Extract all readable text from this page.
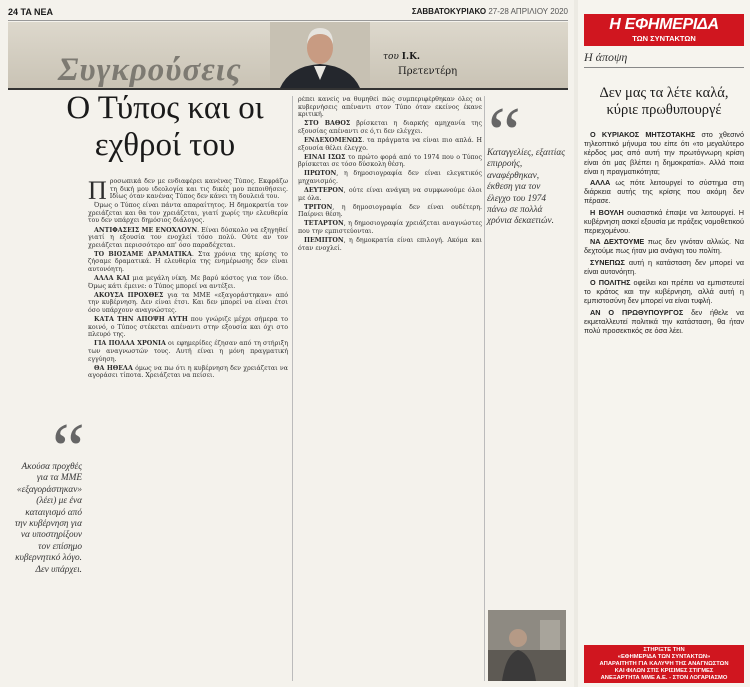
24 TA NEA	ΣΑΒΒΑΤΟΚΥΡΙΑΚΟ 27-28 ΑΠΡΙΛΙΟΥ 2020
Συγκρούσεις	του Ι.Κ.
Πρετεντέρη
Ο Τύπος και οι εχθροί του

Προσωπικά δεν με ενδιαφέρει κανένας Τύπος. Εκφράζω τη δική μου ιδεολογία και τις δικές μου πεποιθήσεις. Ιδίως όταν κανένας Τύπος δεν κάνει τη δουλειά του.

Όμως ο Τύπος είναι πάντα απαραίτητος. Η δημοκρατία τον χρειάζεται και θα τον χρειάζεται, γιατί χωρίς την ελευθερία του δεν υπάρχει δημόσιος διάλογος.

ΑΝΤΙΦΑΣΕΙΣ ΜΕ ΕΝΟΧΛΟΥΝ. Είναι δύσκολο να εξηγηθεί γιατί η εξουσία τον ενοχλεί τόσο πολύ. Ούτε αν τον χρειάζεται περισσότερο απ' όσο παραδέχεται.

ΤΟ ΒΙΟΣΑΜΕ ΔΡΑΜΑΤΙΚΑ. Στα χρόνια της κρίσης το ζήσαμε δραματικά. Η ελευθερία της ενημέρωσης δεν είναι αυτονόητη.

ΑΛΛΑ ΚΑΙ μια μεγάλη νίκη. Με βαρύ κόστος για τον ίδιο. Όμως κάτι έμεινε: ο Τύπος μπορεί να αντέξει.

ΑΚΟΥΣΑ ΠΡΟΧΘΕΣ για τα ΜΜΕ «εξαγοράστηκαν» από την κυβέρνηση. Δεν είναι έτσι. Και δεν μπορεί να είναι έτσι όσο υπάρχουν αναγνώστες.

ΚΑΤΑ ΤΗΝ ΑΠΟΨΗ ΑΥΤΗ που γνώριζε μέχρι σήμερα το κοινό, ο Τύπος στέκεται απέναντι στην εξουσία και όχι στο πλευρό της.

ΓΙΑ ΠΟΛΛΑ ΧΡΟΝΙΑ οι εφημερίδες έζησαν από τη στήριξη των αναγνωστών τους. Αυτή είναι η μόνη πραγματική εγγύηση.

ΘΑ ΗΘΕΛΑ όμως να πω ότι η κυβέρνηση δεν χρειάζεται να αγοράσει τίποτα. Χρειάζεται να πείσει.

ρέπει κανείς να θυμηθεί πώς συμπεριφέρθηκαν όλες οι κυβερνήσεις απέναντι στον Τύπο όταν εκείνος έκανε κριτική.

ΣΤΟ ΒΑΘΟΣ βρίσκεται η διαρκής αμηχανία της εξουσίας απέναντι σε ό,τι δεν ελέγχει.

ΕΝΔΕΧΟΜΕΝΩΣ. τα πράγματα να είναι πιο απλά. Η εξουσία θέλει έλεγχο.

ΕΙΝΑΙ ΙΣΩΣ το πρώτο φορά από το 1974 που ο Τύπος βρίσκεται σε τόσο δύσκολη θέση.

ΠΡΩΤΟΝ, η δημοσιογραφία δεν είναι ελεγκτικός μηχανισμός.

ΔΕΥΤΕΡΟΝ, ούτε είναι ανάγκη να συμφωνούμε όλοι με όλα.

ΤΡΙΤΟΝ, η δημοσιογραφία δεν είναι ουδέτερη. Παίρνει θέση.

ΤΕΤΑΡΤΟΝ, η δημοσιογραφία χρειάζεται αναγνώστες που την εμπιστεύονται.

ΠΕΜΠΤΟΝ, η δημοκρατία είναι επιλογή. Ακόμα και όταν ενοχλεί.

Ακούσα προχθές για τα ΜΜΕ «εξαγοράστηκαν» (λέει) με ένα καταιγισμό από την κυβέρνηση για να υποστηρίξουν τον επίσημο κυβερνητικό λόγο. Δεν υπάρχει.
Καταγγελίες, εξαιτίας επιρροής, αναφέρθηκαν, έκθεση για τον έλεγχο του 1974 πάνω σε πολλά χρόνια δεκαετιών.
Η ΕΦΗΜΕΡΙΔΑ
ΤΩΝ ΣΥΝΤΑΚΤΩΝ
Η άποψη
Δεν μας τα λέτε καλά, κύριε πρωθυπουργέ

Ο ΚΥΡΙΑΚΟΣ ΜΗΤΣΟΤΑΚΗΣ στο χθεσινό τηλεοπτικό μήνυμα του είπε ότι «το μεγαλύτερο κέρδος μας από αυτή την πρωτόγνωρη κρίση είναι ότι μας βλέπει η δημοκρατία». Αλλά ποια είναι η πραγματικότητα;

ΑΛΛΑ ως πότε λειτουργεί το σύστημα στη διάρκεια αυτής της κρίσης που ακόμη δεν πέρασε.

Η ΒΟΥΛΗ ουσιαστικά έπαψε να λειτουργεί. Η κυβέρνηση ασκεί εξουσία με πράξεις νομοθετικού περιεχομένου.

ΝΑ ΔΕΧΤΟΥΜΕ πως δεν γινόταν αλλιώς. Να δεχτούμε πως ήταν μια ανάγκη του πολίτη.

ΣΥΝΕΠΩΣ αυτή η κατάσταση δεν μπορεί να είναι αυτονόητη.

Ο ΠΟΛΙΤΗΣ οφείλει και πρέπει να εμπιστευτεί το κράτος και την κυβέρνηση, αλλά αυτή η εμπιστοσύνη δεν μπορεί να είναι τυφλή.

ΑΝ Ο ΠΡΩΘΥΠΟΥΡΓΟΣ δεν ήθελε να εκμεταλλευτεί πολιτικά την κατάσταση, θα ήταν πολύ προσεκτικός σε όσα λέει.

ΣΤΗΡΙΞΤΕ ΤΗΝ
«ΕΦΗΜΕΡΙΔΑ ΤΩΝ ΣΥΝΤΑΚΤΩΝ»
ΑΠΑΡΑΙΤΗΤΗ ΓΙΑ ΚΑΛΥΨΗ ΤΗΣ ΑΝΑΓΝΩΣΤΩΝ
ΚΑΙ ΦΙΛΩΝ ΣΤΙΣ ΚΡΙΣΙΜΕΣ ΣΤΙΓΜΕΣ
ΑΝΕΞΑΡΤΗΤΑ ΜΜΕ Α.Ε. - ΣΤΟΝ ΛΟΓΑΡΙΑΣΜΟ
